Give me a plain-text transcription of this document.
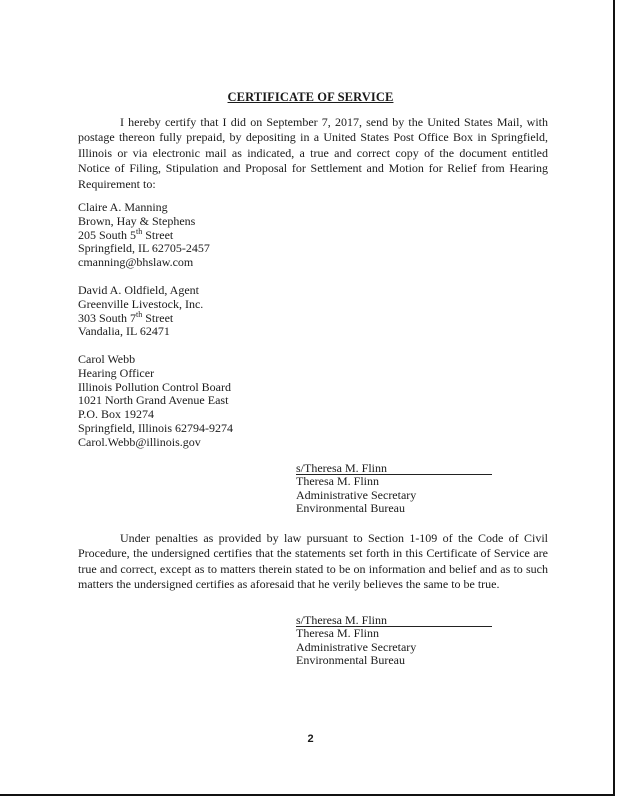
CERTIFICATE OF SERVICE

I hereby certify that I did on September 7, 2017, send by the United States Mail, with postage thereon fully prepaid, by depositing in a United States Post Office Box in Springfield, Illinois or via electronic mail as indicated, a true and correct copy of the document entitled Notice of Filing, Stipulation and Proposal for Settlement and Motion for Relief from Hearing Requirement to:

Claire A. Manning
Brown, Hay & Stephens
205 South 5th Street
Springfield, IL 62705-2457
cmanning@bhslaw.com
David A. Oldfield, Agent
Greenville Livestock, Inc.
303 South 7th Street
Vandalia, IL 62471
Carol Webb
Hearing Officer
Illinois Pollution Control Board
1021 North Grand Avenue East
P.O. Box 19274
Springfield, Illinois 62794-9274
Carol.Webb@illinois.gov
s/Theresa M. Flinn
Theresa M. Flinn
Administrative Secretary
Environmental Bureau

Under penalties as provided by law pursuant to Section 1-109 of the Code of Civil Procedure, the undersigned certifies that the statements set forth in this Certificate of Service are true and correct, except as to matters therein stated to be on information and belief and as to such matters the undersigned certifies as aforesaid that he verily believes the same to be true.

s/Theresa M. Flinn
Theresa M. Flinn
Administrative Secretary
Environmental Bureau
2
